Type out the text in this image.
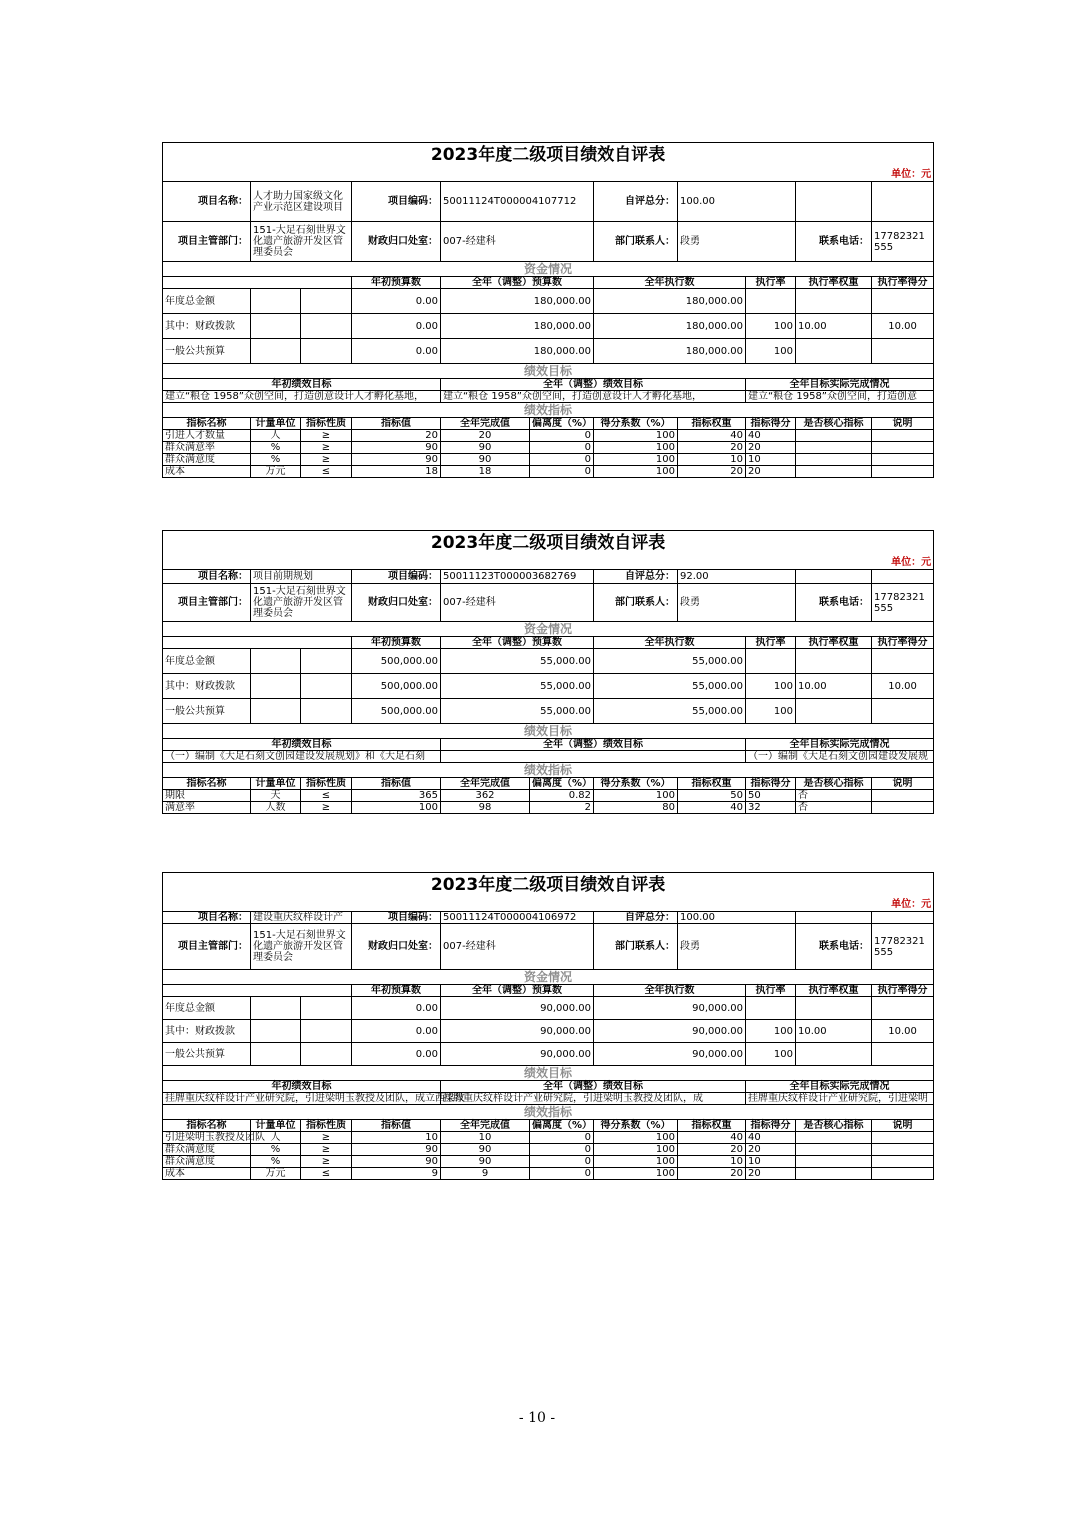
2023年度二级项目绩效自评表										
单位：元										
项目名称：	人才助力国家级文化产业示范区建设项目		项目编码：	50011124T000004107712		自评总分：	100.00			
项目主管部门：	151-大足石刻世界文化遗产旅游开发区管理委员会		财政归口处室：	007-经建科		部门联系人：	段勇		联系电话：	17782321555
资金情况										
			年初预算数	全年（调整）预算数		全年执行数		执行率	执行率权重	执行率得分
年度总金额			0.00	180,000.00		180,000.00				
其中：财政拨款			0.00	180,000.00		180,000.00		100	10.00	10.00
一般公共预算			0.00	180,000.00		180,000.00		100		
绩效目标										
年初绩效目标				全年（调整）绩效目标				全年目标实际完成情况		
建立“粮仓 1958”众创空间，打造创意设计人才孵化基地，				建立“粮仓 1958”众创空间，打造创意设计人才孵化基地，				建立“粮仓 1958”众创空间，打造创意		
绩效指标										
指标名称	计量单位	指标性质	指标值	全年完成值	偏离度（%）	得分系数（%）	指标权重	指标得分	是否核心指标	说明
引进人才数量	人	≥	20	20	0	100	40	40		
群众满意率	%	≥	90	90	0	100	20	20		
群众满意度	%	≥	90	90	0	100	10	10		
成本	万元	≤	18	18	0	100	20	20		
2023年度二级项目绩效自评表										
单位：元										
项目名称：	项目前期规划		项目编码：	50011123T000003682769		自评总分：	92.00			
项目主管部门：	151-大足石刻世界文化遗产旅游开发区管理委员会		财政归口处室：	007-经建科		部门联系人：	段勇		联系电话：	17782321555
资金情况										
			年初预算数	全年（调整）预算数		全年执行数		执行率	执行率权重	执行率得分
年度总金额			500,000.00	55,000.00		55,000.00				
其中：财政拨款			500,000.00	55,000.00		55,000.00		100	10.00	10.00
一般公共预算			500,000.00	55,000.00		55,000.00		100		
绩效目标										
年初绩效目标				全年（调整）绩效目标				全年目标实际完成情况		
（一）编制《大足石刻文创园建设发展规划》和《大足石刻								（一）编制《大足石刻文创园建设发展规		
绩效指标										
指标名称	计量单位	指标性质	指标值	全年完成值	偏离度（%）	得分系数（%）	指标权重	指标得分	是否核心指标	说明
期限	天	≤	365	362	0.82	100	50	50	否	
满意率	人数	≥	100	98	2	80	40	32	否	
2023年度二级项目绩效自评表										
单位：元										
项目名称：	建设重庆纹样设计产		项目编码：	50011124T000004106972		自评总分：	100.00			
项目主管部门：	151-大足石刻世界文化遗产旅游开发区管理委员会		财政归口处室：	007-经建科		部门联系人：	段勇		联系电话：	17782321555
资金情况										
			年初预算数	全年（调整）预算数		全年执行数		执行率	执行率权重	执行率得分
年度总金额			0.00	90,000.00		90,000.00				
其中：财政拨款			0.00	90,000.00		90,000.00		100	10.00	10.00
一般公共预算			0.00	90,000.00		90,000.00		100		
绩效目标										
年初绩效目标				全年（调整）绩效目标				全年目标实际完成情况		
挂牌重庆纹样设计产业研究院，引进梁明玉教授及团队，成立西梁纹				挂牌重庆纹样设计产业研究院，引进梁明玉教授及团队，成				挂牌重庆纹样设计产业研究院，引进梁明		
绩效指标										
指标名称	计量单位	指标性质	指标值	全年完成值	偏离度（%）	得分系数（%）	指标权重	指标得分	是否核心指标	说明
引进梁明玉教授及团队	人	≥	10	10	0	100	40	40		
群众满意度	%	≥	90	90	0	100	20	20		
群众满意度	%	≥	90	90	0	100	10	10		
成本	万元	≤	9	9	0	100	20	20		
- 10 -
